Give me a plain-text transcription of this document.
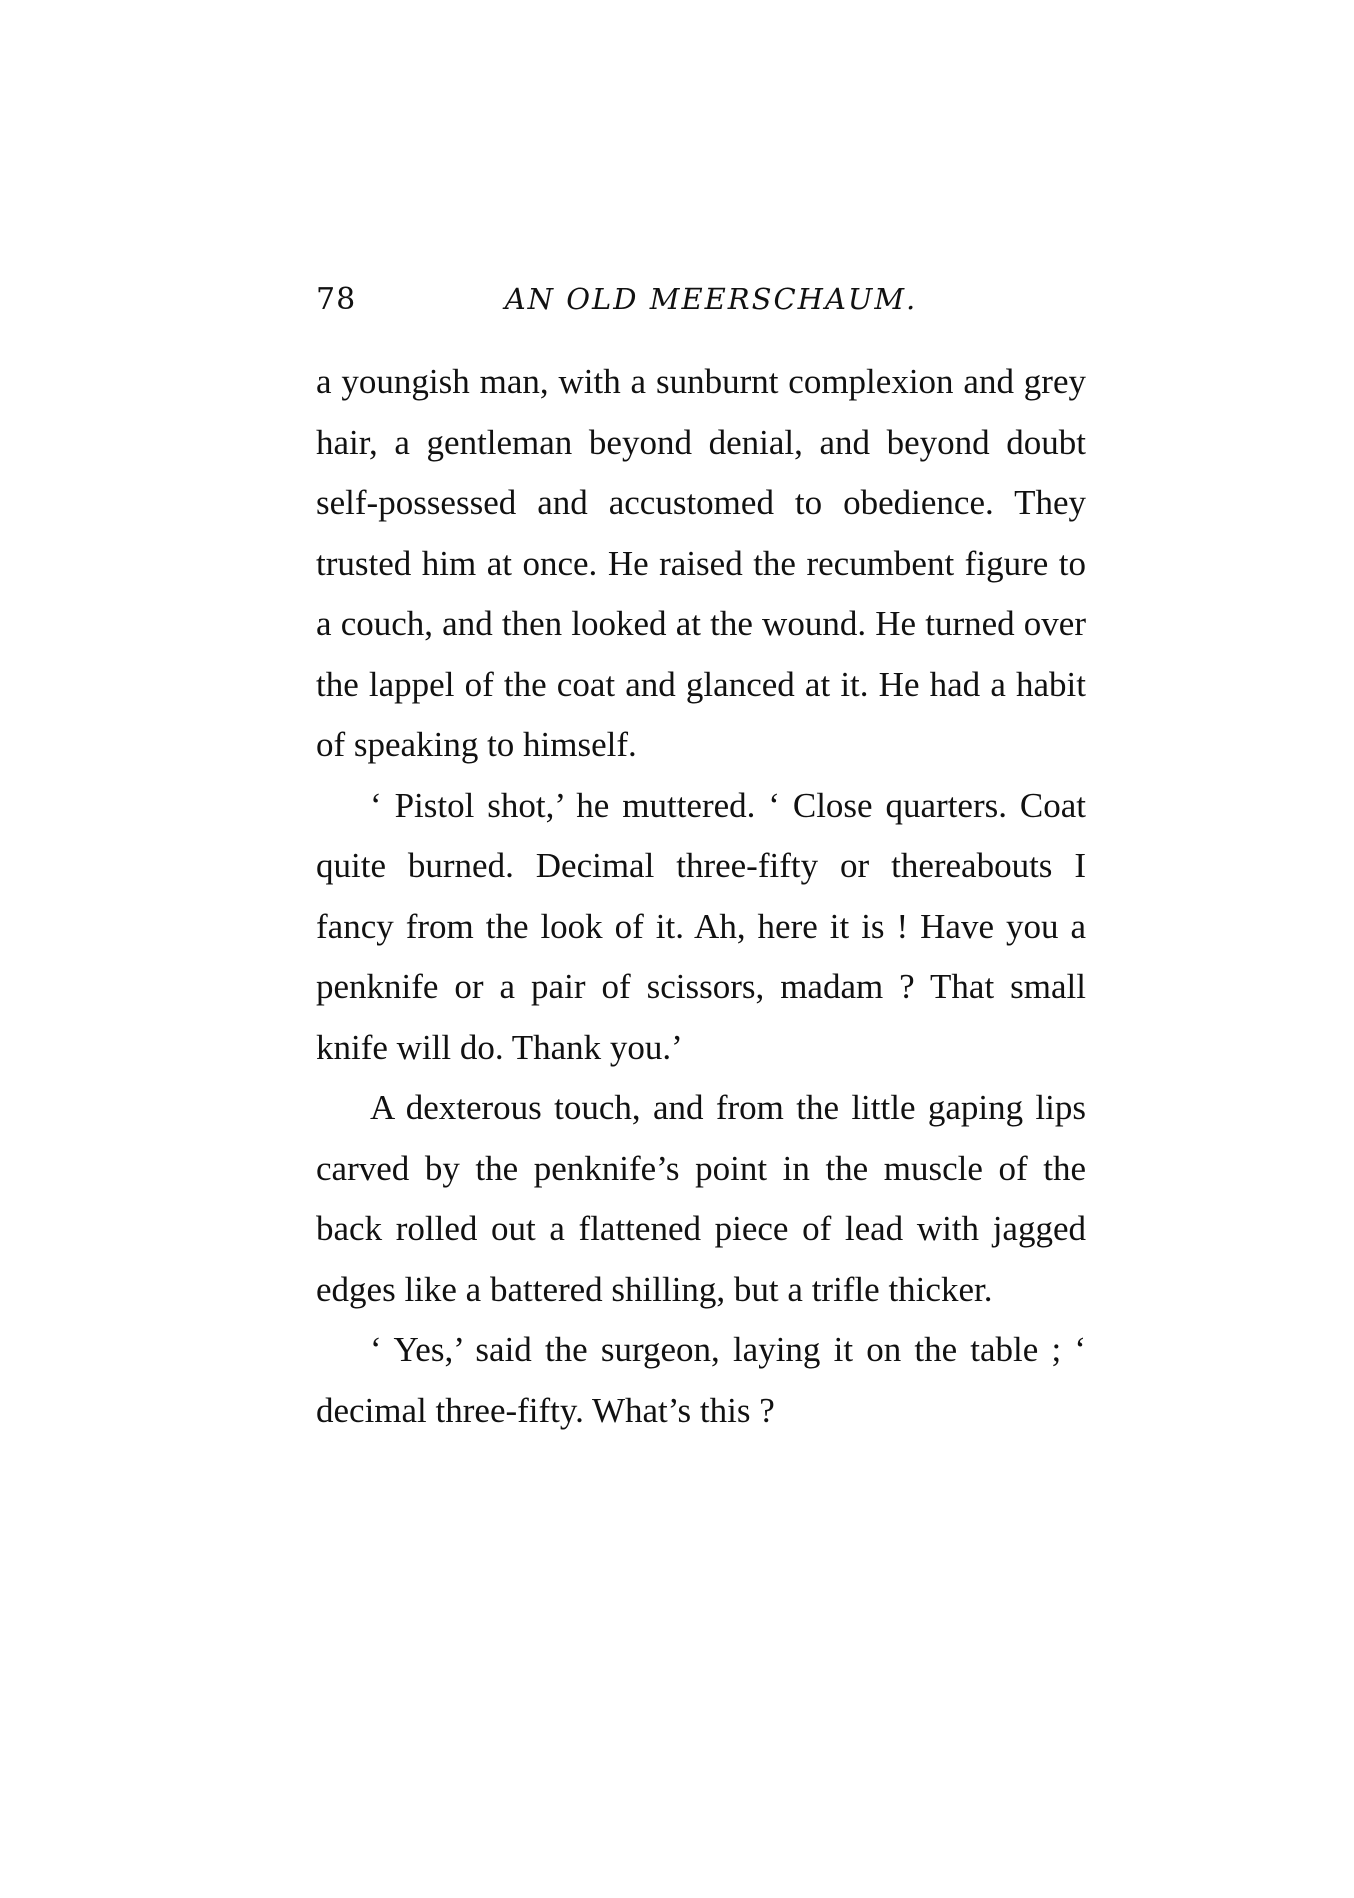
78	AN OLD MEERSCHAUM.

a youngish man, with a sunburnt complexion and grey hair, a gentleman beyond denial, and beyond doubt self-possessed and accustomed to obedience. They trusted him at once. He raised the recumbent figure to a couch, and then looked at the wound. He turned over the lappel of the coat and glanced at it. He had a habit of speaking to himself.

‘ Pistol shot,’ he muttered. ‘ Close quarters. Coat quite burned. Decimal three-fifty or thereabouts I fancy from the look of it. Ah, here it is ! Have you a penknife or a pair of scissors, madam ? That small knife will do. Thank you.’

A dexterous touch, and from the little gaping lips carved by the penknife’s point in the muscle of the back rolled out a flattened piece of lead with jagged edges like a battered shilling, but a trifle thicker.

‘ Yes,’ said the surgeon, laying it on the table ; ‘ decimal three-fifty. What’s this ?
